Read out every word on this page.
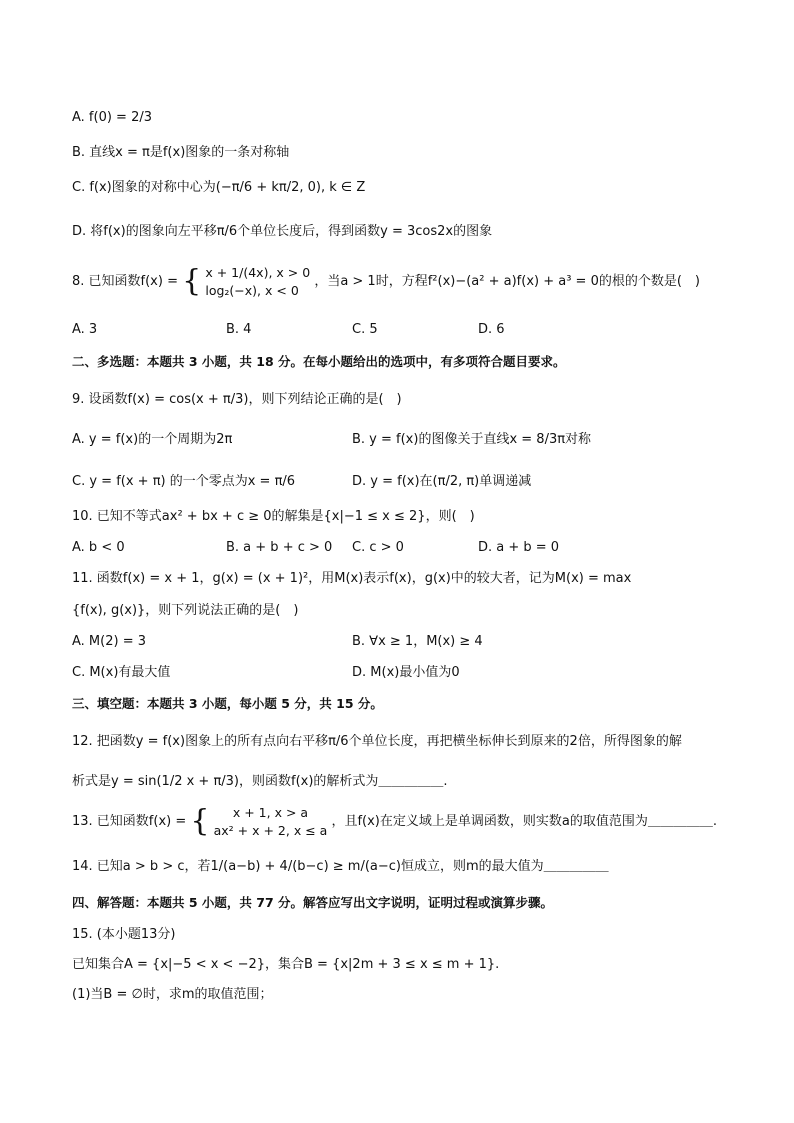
A. f(0) = 2/3
B. 直线x = π是f(x)图象的一条对称轴
C. f(x)图象的对称中心为(−π/6 + kπ/2, 0), k ∈ Z
D. 将f(x)的图象向左平移π/6个单位长度后，得到函数y = 3cos2x的图象
8. 已知函数f(x) = { x + 1/(4x), x > 0
log₂(−x), x < 0
，当a > 1时，方程f²(x)−(a² + a)f(x) + a³ = 0的根的个数是(　)
A. 3	B. 4	C. 5	D. 6
二、多选题：本题共 3 小题，共 18 分。在每小题给出的选项中，有多项符合题目要求。
9. 设函数f(x) = cos(x + π/3)，则下列结论正确的是(　)
A. y = f(x)的一个周期为2π	B. y = f(x)的图像关于直线x = 8/3π对称
C. y = f(x + π) 的一个零点为x = π/6	D. y = f(x)在(π/2, π)单调递减
10. 已知不等式ax² + bx + c ≥ 0的解集是{x|−1 ≤ x ≤ 2}，则(　)
A. b < 0	B. a + b + c > 0 C. c > 0	D. a + b = 0
11. 函数f(x) = x + 1，g(x) = (x + 1)²，用M(x)表示f(x)，g(x)中的较大者，记为M(x) = max
{f(x), g(x)}，则下列说法正确的是(　)
A. M(2) = 3	B. ∀x ≥ 1，M(x) ≥ 4
C. M(x)有最大值	D. M(x)最小值为0
三、填空题：本题共 3 小题，每小题 5 分，共 15 分。
12. 把函数y = f(x)图象上的所有点向右平移π/6个单位长度，再把横坐标伸长到原来的2倍，所得图象的解
析式是y = sin(1/2 x + π/3)，则函数f(x)的解析式为＿＿＿＿＿.
13. 已知函数f(x) = {	x + 1, x > a
ax² + x + 2, x ≤ a
，且f(x)在定义域上是单调函数，则实数a的取值范围为＿＿＿＿＿.
14. 已知a > b > c，若1/(a−b) + 4/(b−c) ≥ m/(a−c)恒成立，则m的最大值为＿＿＿＿＿
四、解答题：本题共 5 小题，共 77 分。解答应写出文字说明，证明过程或演算步骤。
15. (本小题13分)
已知集合A = {x|−5 < x < −2}，集合B = {x|2m + 3 ≤ x ≤ m + 1}.
(1)当B = ∅时，求m的取值范围；
